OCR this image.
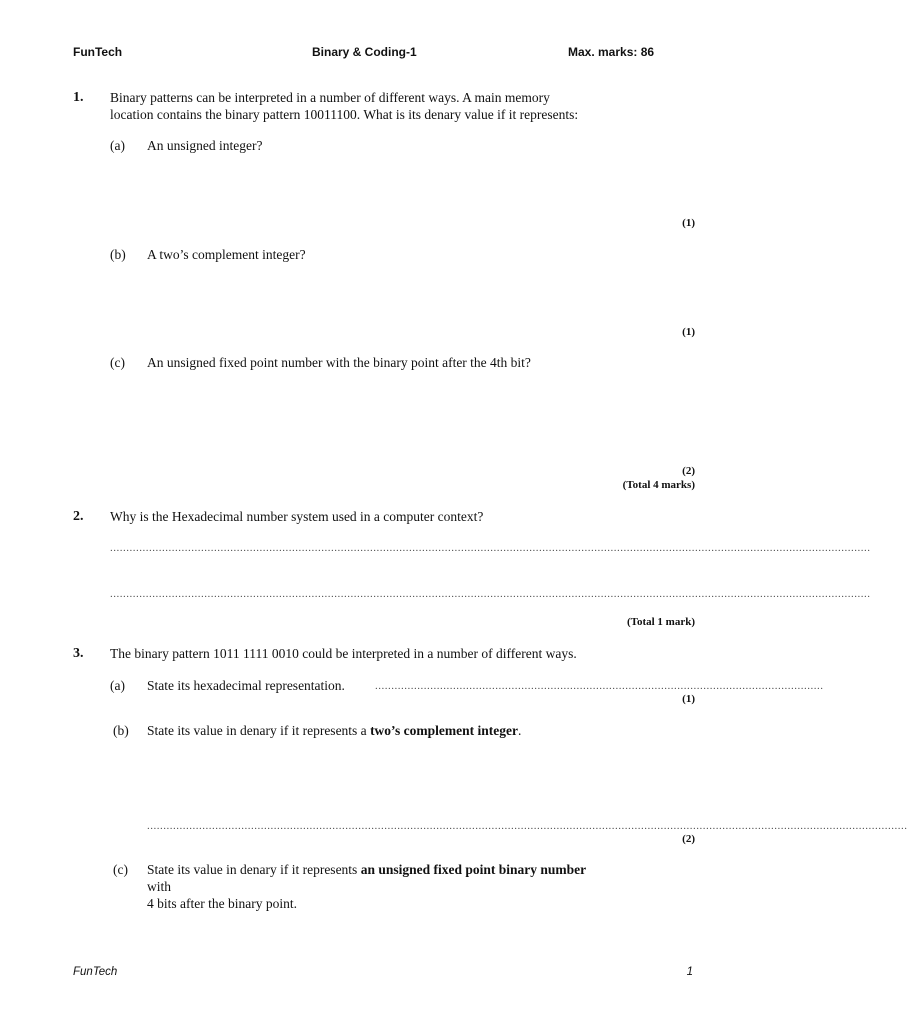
FunTech	Binary & Coding-1	Max. marks: 86
1. Binary patterns can be interpreted in a number of different ways. A main memory
location contains the binary pattern 10011100. What is its denary value if it represents:
(a) An unsigned integer?
(1)
(b) A two’s complement integer?
(1)
(c) An unsigned fixed point number with the binary point after the 4th bit?
(2)
(Total 4 marks)
2. Why is the Hexadecimal number system used in a computer context?
..........................................................................................................................................................................................................................................
..........................................................................................................................................................................................................................................
(Total 1 mark)
3. The binary pattern 1011 1111 0010 could be interpreted in a number of different ways.
(a) State its hexadecimal representation.	..........................................................................................................................................
(1)
(b) State its value in denary if it represents a two’s complement integer.
..........................................................................................................................................................................................................................................
(2)
(c) State its value in denary if it represents an unsigned fixed point binary number
with
4 bits after the binary point.
FunTech	1
